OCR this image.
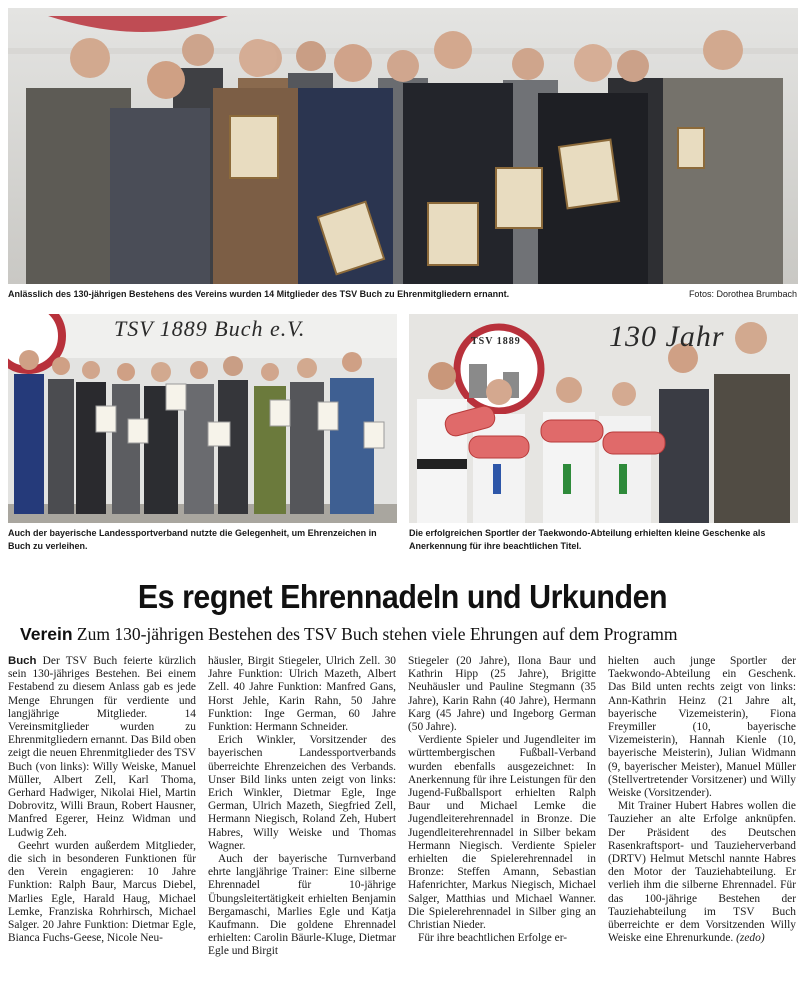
Anlässlich des 130-jährigen Bestehens des Vereins wurden 14 Mitglieder des TSV Buch zu Ehrenmitgliedern ernannt.	Fotos: Dorothea Brumbach
TSV 1889 Buch e.V.
Auch der bayerische Landessportverband nutzte die Gelegenheit, um Ehrenzeichen in Buch zu verleihen.
130 Jahr
TSV 1889
Die erfolgreichen Sportler der Taekwondo-Abteilung erhielten kleine Geschenke als Anerkennung für ihre beachtlichen Titel.
Es regnet Ehrennadeln und Urkunden
Verein Zum 130-jährigen Bestehen des TSV Buch stehen viele Ehrungen auf dem Programm

Buch Der TSV Buch feierte kürzlich sein 130-jähriges Bestehen. Bei einem Festabend zu diesem Anlass gab es jede Menge Ehrungen für verdiente und langjährige Mitglieder. 14 Vereinsmitglieder wurden zu Ehrenmitgliedern ernannt. Das Bild oben zeigt die neuen Ehrenmitglieder des TSV Buch (von links): Willy Weiske, Manuel Müller, Albert Zell, Karl Thoma, Gerhard Hadwiger, Nikolai Hiel, Martin Dobrovitz, Willi Braun, Robert Hausner, Manfred Egerer, Heinz Widman und Ludwig Zeh.

Geehrt wurden außerdem Mitglieder, die sich in besonderen Funktionen für den Verein engagieren: 10 Jahre Funktion: Ralph Baur, Marcus Diebel, Marlies Egle, Harald Haug, Michael Lemke, Franziska Rohrhirsch, Michael Salger. 20 Jahre Funktion: Dietmar Egle, Bianca Fuchs-Geese, Nicole Neu-

häusler, Birgit Stiegeler, Ulrich Zell. 30 Jahre Funktion: Ulrich Mazeth, Albert Zell. 40 Jahre Funktion: Manfred Gans, Horst Jehle, Karin Rahn, 50 Jahre Funktion: Inge German, 60 Jahre Funktion: Hermann Schneider.

Erich Winkler, Vorsitzender des bayerischen Landessportverbands überreichte Ehrenzeichen des Verbands. Unser Bild links unten zeigt von links: Erich Winkler, Dietmar Egle, Inge German, Ulrich Mazeth, Siegfried Zell, Hermann Niegisch, Roland Zeh, Hubert Habres, Willy Weiske und Thomas Wagner.

Auch der bayerische Turnverband ehrte langjährige Trainer: Eine silberne Ehrennadel für 10-jährige Übungsleitertätigkeit erhielten Benjamin Bergamaschi, Marlies Egle und Katja Kaufmann. Die goldene Ehrennadel erhielten: Carolin Bäurle-Kluge, Dietmar Egle und Birgit

Stiegeler (20 Jahre), Ilona Baur und Kathrin Hipp (25 Jahre), Brigitte Neuhäusler und Pauline Stegmann (35 Jahre), Karin Rahn (40 Jahre), Hermann Karg (45 Jahre) und Ingeborg German (50 Jahre).

Verdiente Spieler und Jugendleiter im württembergischen Fußball-Verband wurden ebenfalls ausgezeichnet: In Anerkennung für ihre Leistungen für den Jugend-Fußballsport erhielten Ralph Baur und Michael Lemke die Jugendleiterehrennadel in Bronze. Die Jugendleiterehrennadel in Silber bekam Hermann Niegisch. Verdiente Spieler erhielten die Spielerehrennadel in Bronze: Steffen Amann, Sebastian Hafenrichter, Markus Niegisch, Michael Salger, Matthias und Michael Wanner. Die Spielerehrennadel in Silber ging an Christian Nieder.

Für ihre beachtlichen Erfolge er-

hielten auch junge Sportler der Taekwondo-Abteilung ein Geschenk. Das Bild unten rechts zeigt von links: Ann-Kathrin Heinz (21 Jahre alt, bayerische Vizemeisterin), Fiona Freymiller (10, bayerische Vizemeisterin), Hannah Kienle (10, bayerische Meisterin), Julian Widmann (9, bayerischer Meister), Manuel Müller (Stellvertretender Vorsitzener) und Willy Weiske (Vorsitzender).

Mit Trainer Hubert Habres wollen die Tauzieher an alte Erfolge anknüpfen. Der Präsident des Deutschen Rasenkraftsport- und Tauzieherverband (DRTV) Helmut Metschl nannte Habres den Motor der Tauziehabteilung. Er verlieh ihm die silberne Ehrennadel. Für das 100-jährige Bestehen der Tauziehabteilung im TSV Buch überreichte er dem Vorsitzenden Willy Weiske eine Ehrenurkunde. (zedo)
